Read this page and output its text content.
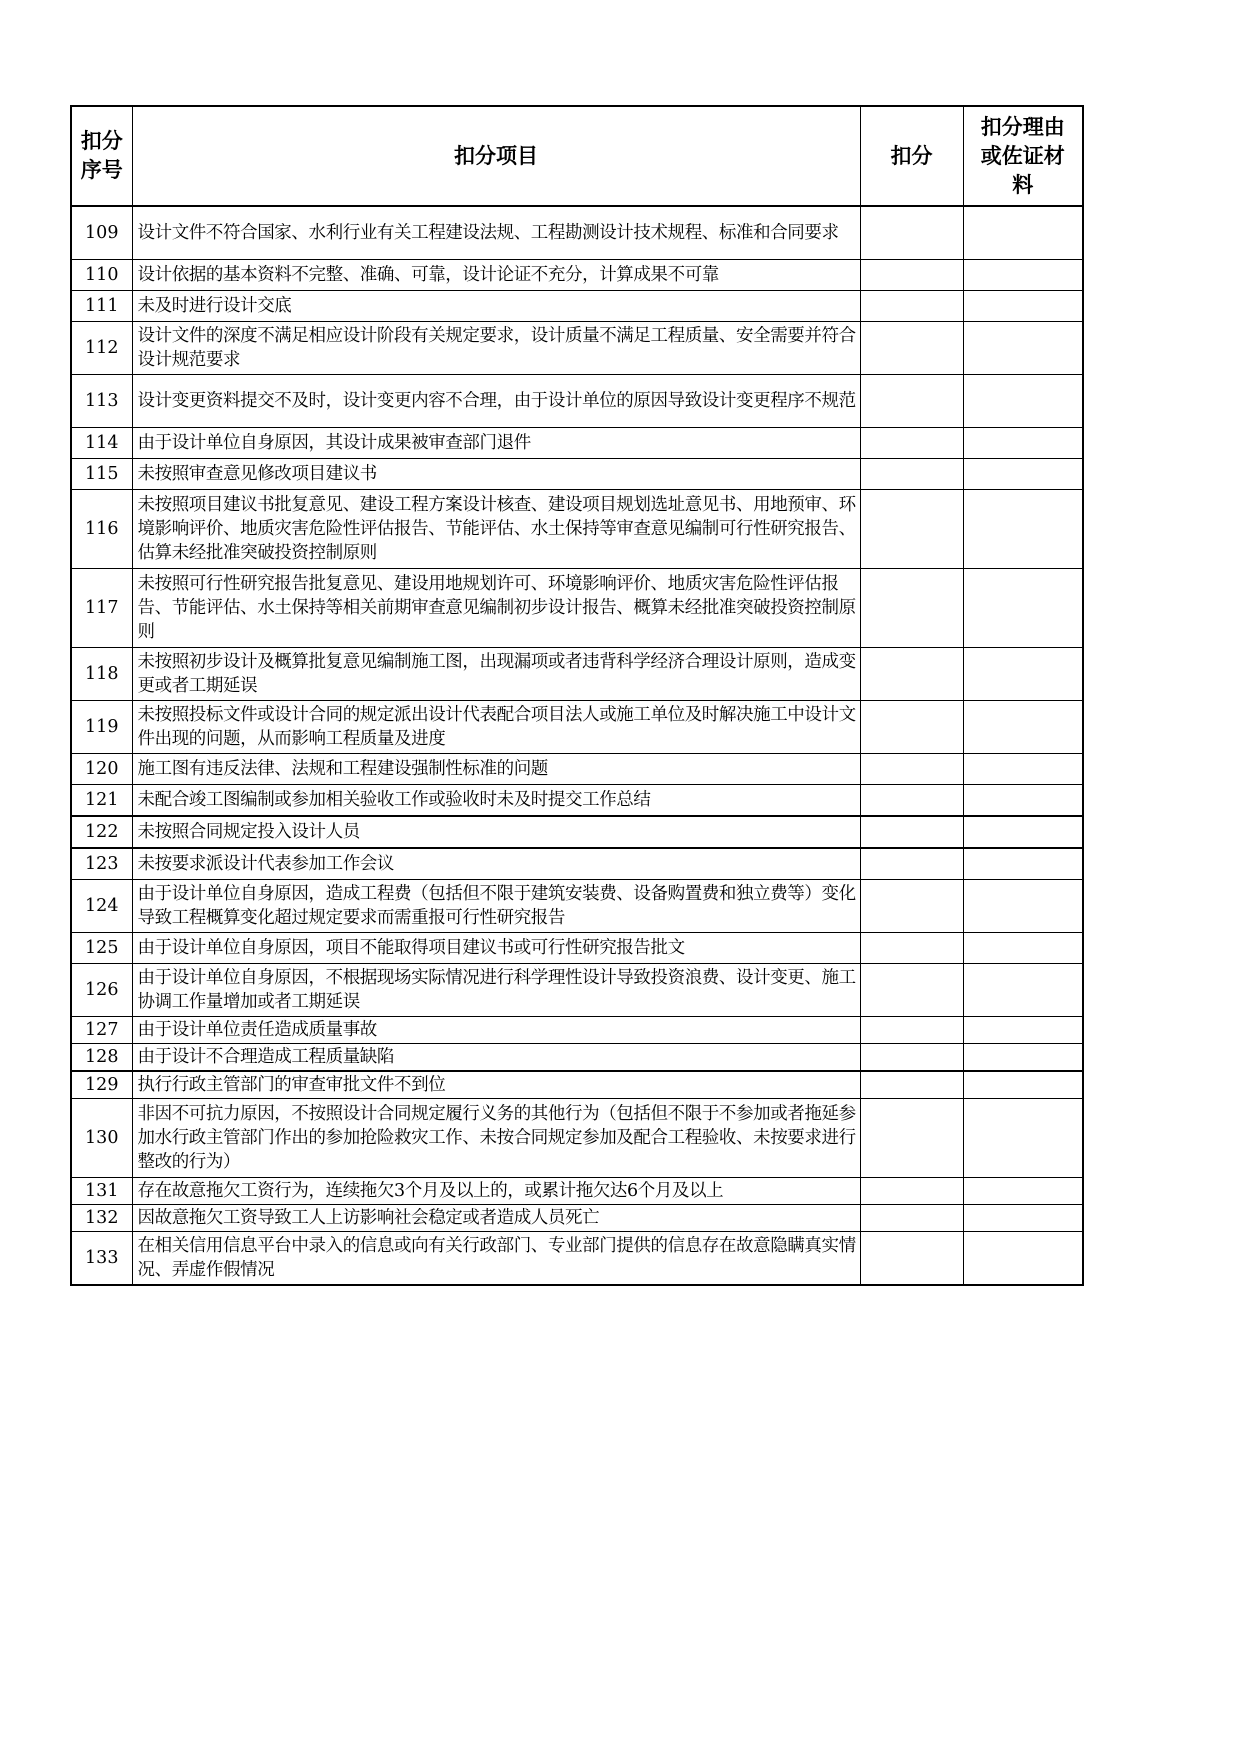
扣分序号	扣分项目	扣分	扣分理由或佐证材料
109	设计文件不符合国家、水利行业有关工程建设法规、工程勘测设计技术规程、标准和合同要求		
110	设计依据的基本资料不完整、准确、可靠，设计论证不充分，计算成果不可靠		
111	未及时进行设计交底		
112	设计文件的深度不满足相应设计阶段有关规定要求，设计质量不满足工程质量、安全需要并符合设计规范要求		
113	设计变更资料提交不及时，设计变更内容不合理，由于设计单位的原因导致设计变更程序不规范		
114	由于设计单位自身原因，其设计成果被审查部门退件		
115	未按照审查意见修改项目建议书		
116	未按照项目建议书批复意见、建设工程方案设计核查、建设项目规划选址意见书、用地预审、环境影响评价、地质灾害危险性评估报告、节能评估、水土保持等审查意见编制可行性研究报告、估算未经批准突破投资控制原则		
117	未按照可行性研究报告批复意见、建设用地规划许可、环境影响评价、地质灾害危险性评估报告、节能评估、水土保持等相关前期审查意见编制初步设计报告、概算未经批准突破投资控制原则		
118	未按照初步设计及概算批复意见编制施工图，出现漏项或者违背科学经济合理设计原则，造成变更或者工期延误		
119	未按照投标文件或设计合同的规定派出设计代表配合项目法人或施工单位及时解决施工中设计文件出现的问题，从而影响工程质量及进度		
120	施工图有违反法律、法规和工程建设强制性标准的问题		
121	未配合竣工图编制或参加相关验收工作或验收时未及时提交工作总结		
122	未按照合同规定投入设计人员		
123	未按要求派设计代表参加工作会议		
124	由于设计单位自身原因，造成工程费（包括但不限于建筑安装费、设备购置费和独立费等）变化导致工程概算变化超过规定要求而需重报可行性研究报告		
125	由于设计单位自身原因，项目不能取得项目建议书或可行性研究报告批文		
126	由于设计单位自身原因，不根据现场实际情况进行科学理性设计导致投资浪费、设计变更、施工协调工作量增加或者工期延误		
127	由于设计单位责任造成质量事故		
128	由于设计不合理造成工程质量缺陷		
129	执行行政主管部门的审查审批文件不到位		
130	非因不可抗力原因，不按照设计合同规定履行义务的其他行为（包括但不限于不参加或者拖延参加水行政主管部门作出的参加抢险救灾工作、未按合同规定参加及配合工程验收、未按要求进行整改的行为）		
131	存在故意拖欠工资行为，连续拖欠3个月及以上的，或累计拖欠达6个月及以上		
132	因故意拖欠工资导致工人上访影响社会稳定或者造成人员死亡		
133	在相关信用信息平台中录入的信息或向有关行政部门、专业部门提供的信息存在故意隐瞒真实情况、弄虚作假情况		
